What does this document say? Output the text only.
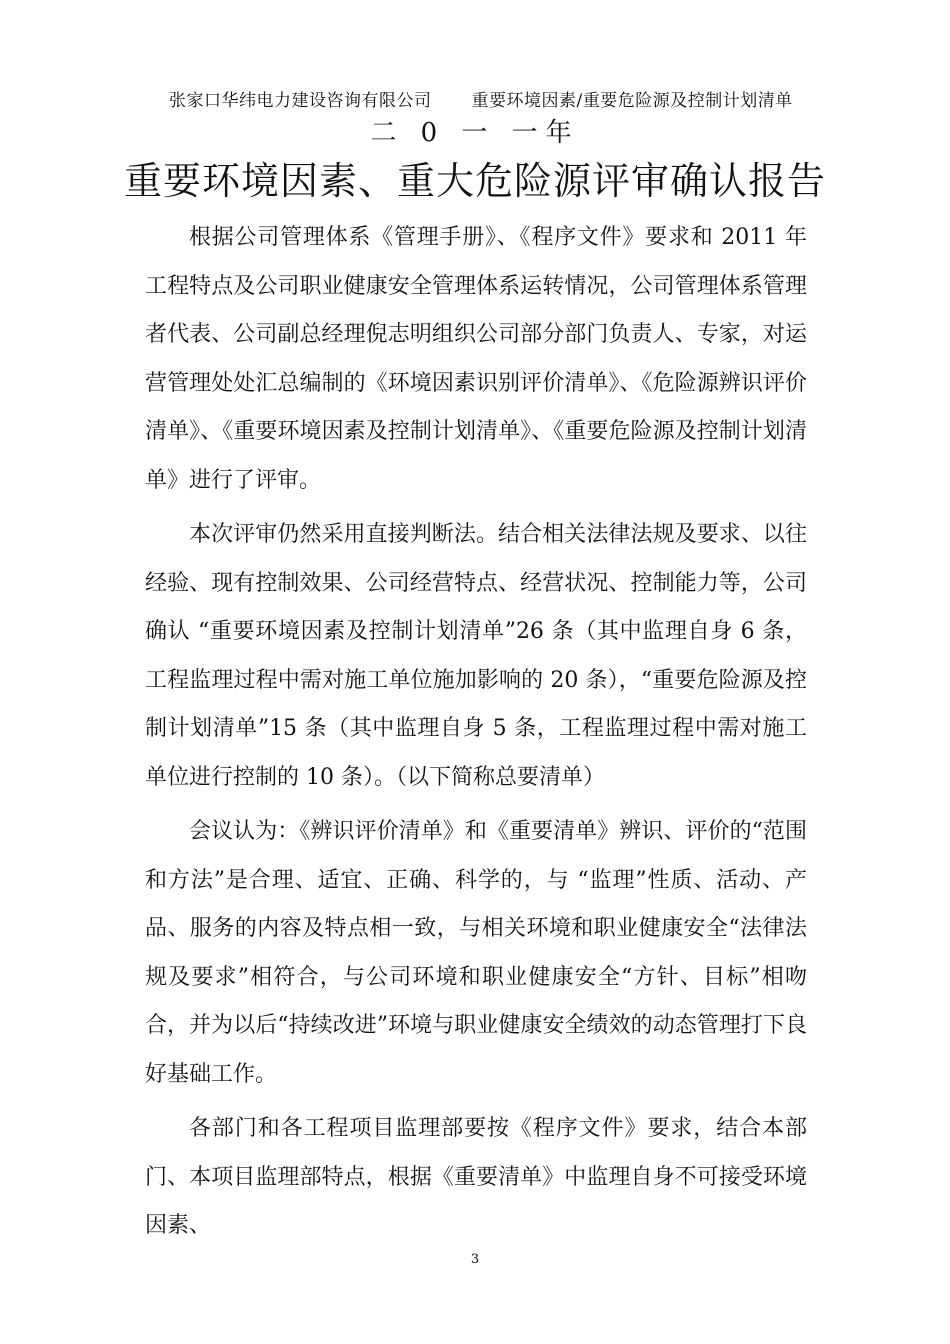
张家口华纬电力建设咨询有限公司 重要环境因素/重要危险源及控制计划清单

二 0 一 一年
重要环境因素、重大危险源评审确认报告

根据公司管理体系《管理手册》、《程序文件》要求和 2011 年工程特点及公司职业健康安全管理体系运转情况，公司管理体系管理者代表、公司副总经理倪志明组织公司部分部门负责人、专家，对运营管理处处汇总编制的《环境因素识别评价清单》、《危险源辨识评价清单》、《重要环境因素及控制计划清单》、《重要危险源及控制计划清单》进行了评审。

本次评审仍然采用直接判断法。结合相关法律法规及要求、以往经验、现有控制效果、公司经营特点、经营状况、控制能力等，公司确认 “重要环境因素及控制计划清单”26 条（其中监理自身 6 条，工程监理过程中需对施工单位施加影响的 20 条），“重要危险源及控制计划清单”15 条（其中监理自身 5 条，工程监理过程中需对施工单位进行控制的 10 条）。（以下简称总要清单）

会议认为：《辨识评价清单》和《重要清单》辨识、评价的“范围和方法”是合理、适宜、正确、科学的，与 “监理”性质、活动、产品、服务的内容及特点相一致，与相关环境和职业健康安全“法律法规及要求”相符合，与公司环境和职业健康安全“方针、目标”相吻合，并为以后“持续改进”环境与职业健康安全绩效的动态管理打下良好基础工作。

各部门和各工程项目监理部要按《程序文件》要求，结合本部门、本项目监理部特点，根据《重要清单》中监理自身不可接受环境因素、

3
